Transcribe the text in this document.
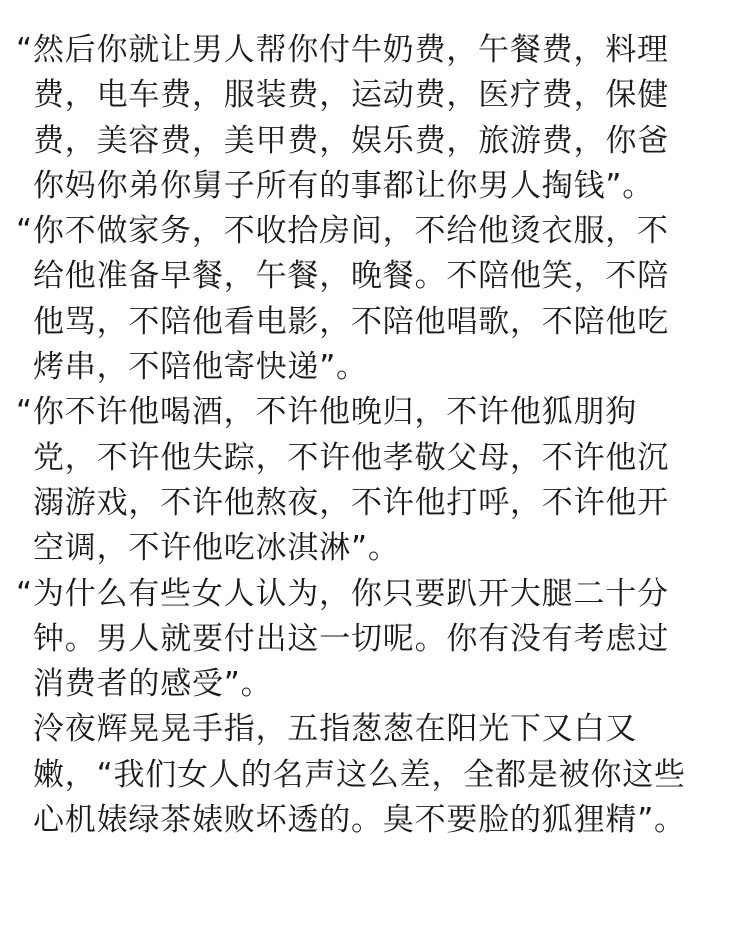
“然后你就让男人帮你付牛奶费，午餐费，料理
费，电车费，服装费，运动费，医疗费，保健
费，美容费，美甲费，娱乐费，旅游费，你爸
你妈你弟你舅子所有的事都让你男人掏钱”。
“你不做家务，不收拾房间，不给他烫衣服，不
给他准备早餐，午餐，晚餐。不陪他笑，不陪
他骂，不陪他看电影，不陪他唱歌，不陪他吃
烤串，不陪他寄快递”。
“你不许他喝酒，不许他晚归，不许他狐朋狗
党，不许他失踪，不许他孝敬父母，不许他沉
溺游戏，不许他熬夜，不许他打呼，不许他开
空调，不许他吃冰淇淋”。
“为什么有些女人认为，你只要趴开大腿二十分
钟。男人就要付出这一切呢。你有没有考虑过
消费者的感受”。
泠夜辉晃晃手指，五指葱葱在阳光下又白又
嫩，“我们女人的名声这么差，全都是被你这些
心机婊绿茶婊败坏透的。臭不要脸的狐狸精”。
